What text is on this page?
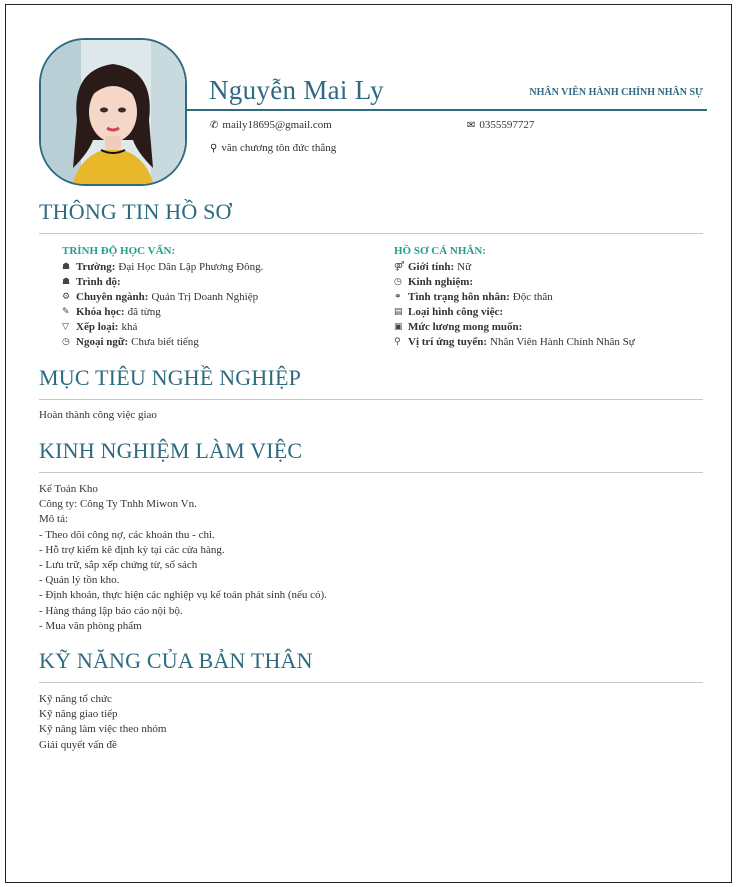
Nguyễn Mai Ly	NHÂN VIÊN HÀNH CHÍNH NHÂN SỰ
✆ maily18695@gmail.com	✉ 0355597727
⚲ văn chương tôn đức thắng
THÔNG TIN HỒ SƠ
TRÌNH ĐỘ HỌC VẤN:
☗ Trường: Đại Học Dân Lập Phương Đông.
☗ Trình độ:
⚙ Chuyên ngành: Quản Trị Doanh Nghiệp
✎ Khóa học: đã từng
▽ Xếp loại: khá
◷ Ngoại ngữ: Chưa biết tiếng
HỒ SƠ CÁ NHÂN:
⚤ Giới tính: Nữ
◷ Kinh nghiệm:
⚭ Tình trạng hôn nhân: Độc thân
▤ Loại hình công việc:
▣ Mức lương mong muốn:
⚲ Vị trí ứng tuyển: Nhân Viên Hành Chính Nhân Sự
MỤC TIÊU NGHỀ NGHIỆP
Hoàn thành công việc giao
KINH NGHIỆM LÀM VIỆC
Kế Toán Kho
Công ty: Công Ty Tnhh Miwon Vn.
Mô tả:
- Theo dõi công nợ, các khoản thu - chi.
- Hỗ trợ kiểm kê định kỳ tại các cửa hàng.
- Lưu trữ, sắp xếp chứng từ, sổ sách
- Quản lý tồn kho.
- Định khoản, thực hiện các nghiệp vụ kế toán phát sinh (nếu có).
- Hàng tháng lập báo cáo nội bộ.
- Mua văn phòng phẩm
KỸ NĂNG CỦA BẢN THÂN
Kỹ năng tổ chức
Kỹ năng giao tiếp
Kỹ năng làm việc theo nhóm
Giải quyết vấn đề
